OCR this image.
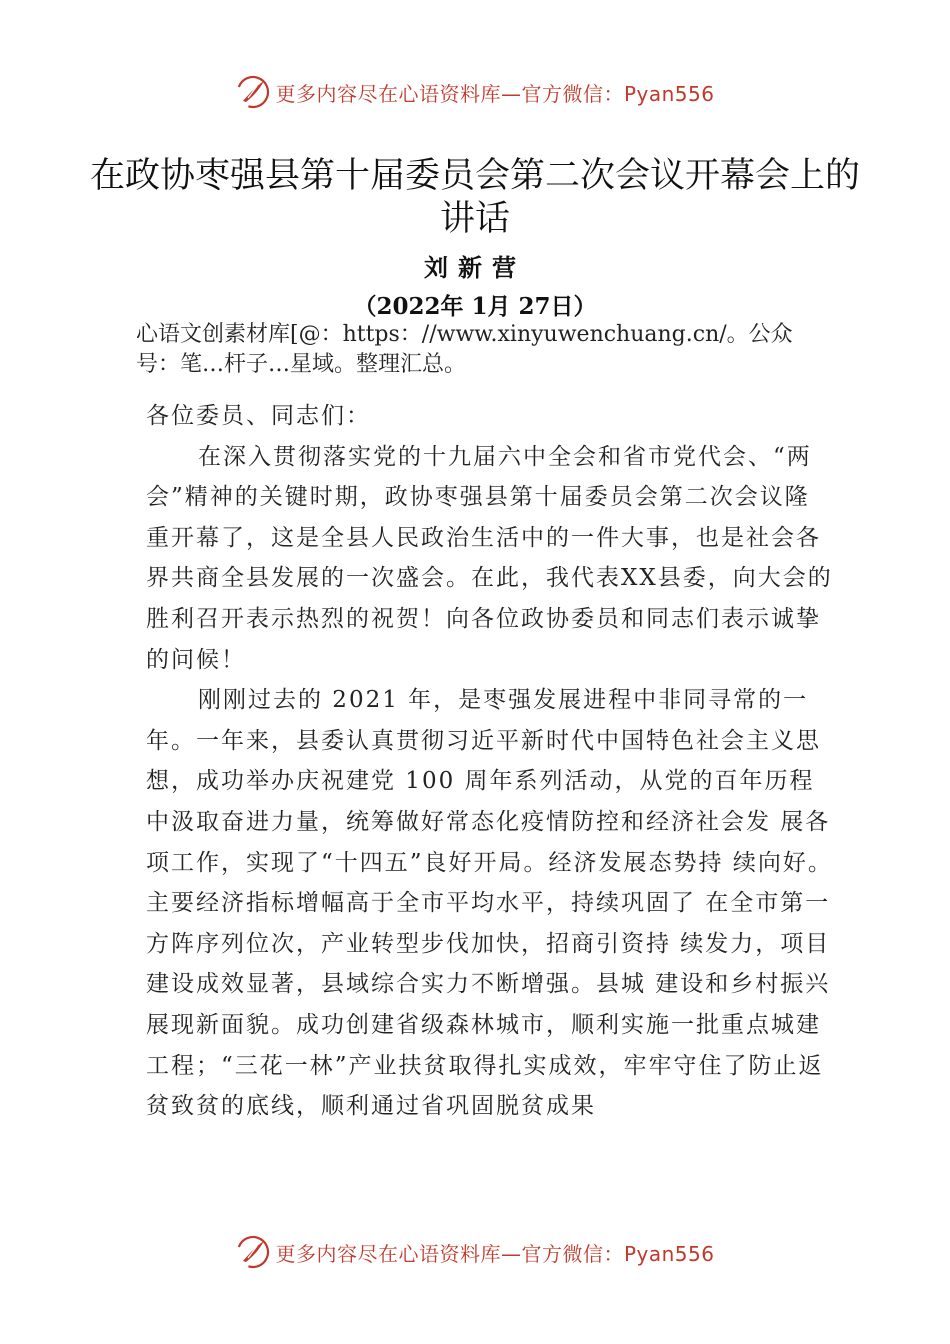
更多内容尽在心语资料库—官方微信：Pyan556
在政协枣强县第十届委员会第二次会议开幕会上的讲话
刘新营
（2022年 1月 27日）

心语文创素材库[@：https：//www.xinyuwenchuang.cn/。公众号：笔…杆子…星域。整理汇总。

各位委员、同志们：

在深入贯彻落实党的十九届六中全会和省市党代会、“两会”精神的关键时期，政协枣强县第十届委员会第二次会议隆重开幕了，这是全县人民政治生活中的一件大事，也是社会各界共商全县发展的一次盛会。在此，我代表XX县委，向大会的胜利召开表示热烈的祝贺！向各位政协委员和同志们表示诚挚的问候！

刚刚过去的 2021 年，是枣强发展进程中非同寻常的一年。一年来，县委认真贯彻习近平新时代中国特色社会主义思想，成功举办庆祝建党 100 周年系列活动，从党的百年历程中汲取奋进力量，统筹做好常态化疫情防控和经济社会发 展各项工作，实现了“十四五”良好开局。经济发展态势持 续向好。主要经济指标增幅高于全市平均水平，持续巩固了 在全市第一方阵序列位次，产业转型步伐加快，招商引资持 续发力，项目建设成效显著，县域综合实力不断增强。县城 建设和乡村振兴展现新面貌。成功创建省级森林城市，顺利实施一批重点城建工程；“三花一林”产业扶贫取得扎实成效，牢牢守住了防止返贫致贫的底线，顺利通过省巩固脱贫成果

更多内容尽在心语资料库—官方微信：Pyan556
